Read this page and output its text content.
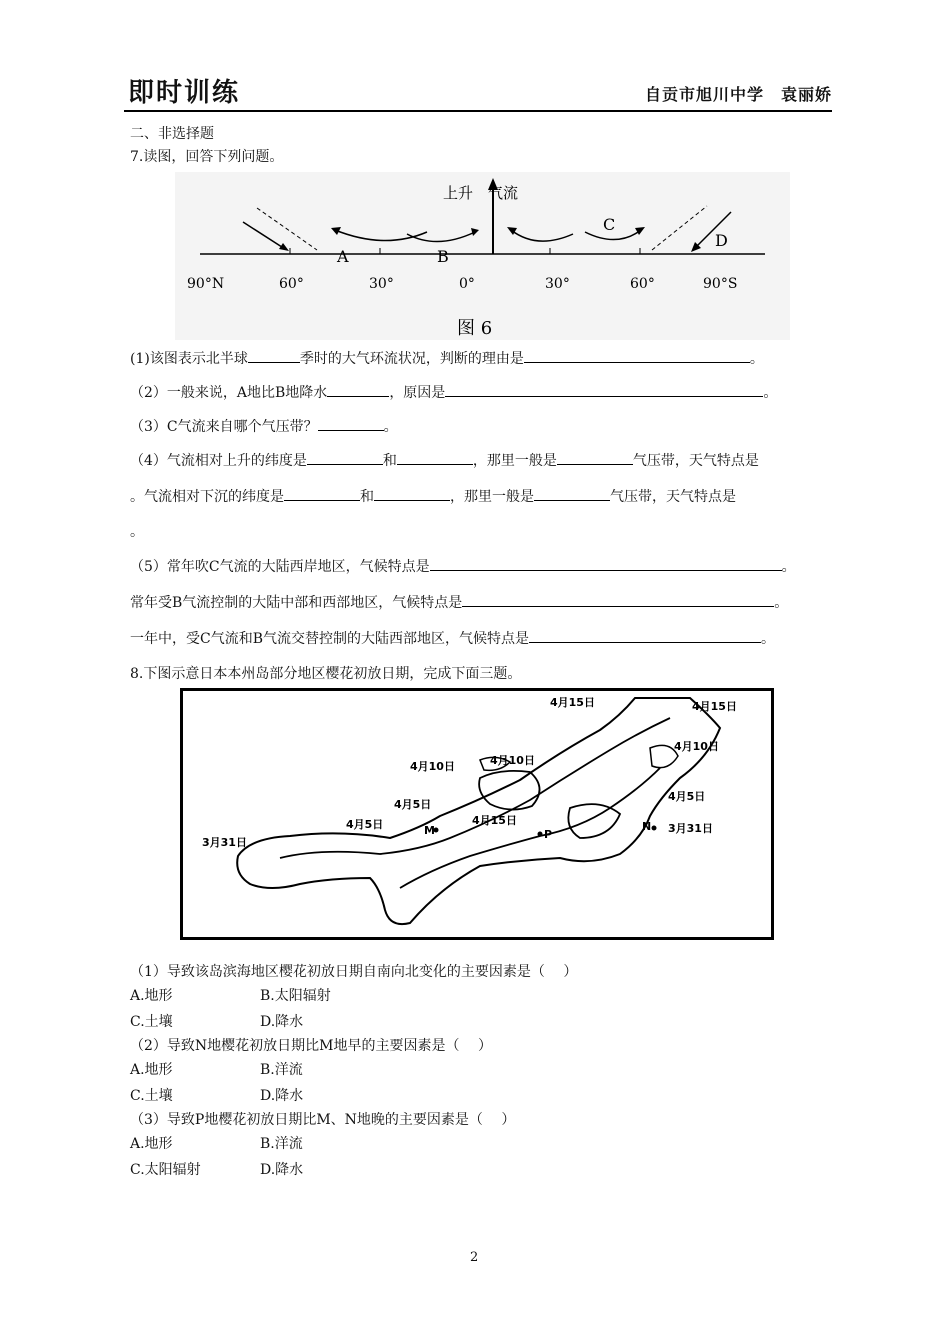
即时训练	自贡市旭川中学　袁丽娇
二、非选择题
7.读图，回答下列问题。
上升　气流
A	B
C
D
90°N	60°	30°	0°	30°	60°	90°S
图 6
(1)该图表示北半球	季时的大气环流状况，判断的理由是	。
（2）一般来说，A地比B地降水	，原因是	。
（3）C气流来自哪个气压带？	。
（4）气流相对上升的纬度是	和	，那里一般是	气压带，天气特点是
。气流相对下沉的纬度是	和	，那里一般是	气压带，天气特点是
。
（5）常年吹C气流的大陆西岸地区，气候特点是	。
常年受B气流控制的大陆中部和西部地区，气候特点是	。
一年中，受C气流和B气流交替控制的大陆西部地区，气候特点是	。
8.下图示意日本本州岛部分地区樱花初放日期，完成下面三题。
4月15日	4月15日
4月10日
4月10日
4月10日
4月5日
4月5日
4月5日
4月15日
3月31日
3月31日
M	N
P
（1）导致该岛滨海地区樱花初放日期自南向北变化的主要因素是（　 ）
A.地形	B.太阳辐射
C.土壤	D.降水
（2）导致N地樱花初放日期比M地早的主要因素是（　 ）
A.地形	B.洋流
C.土壤	D.降水
（3）导致P地樱花初放日期比M、N地晚的主要因素是（　 ）
A.地形	B.洋流
C.太阳辐射	D.降水
2
